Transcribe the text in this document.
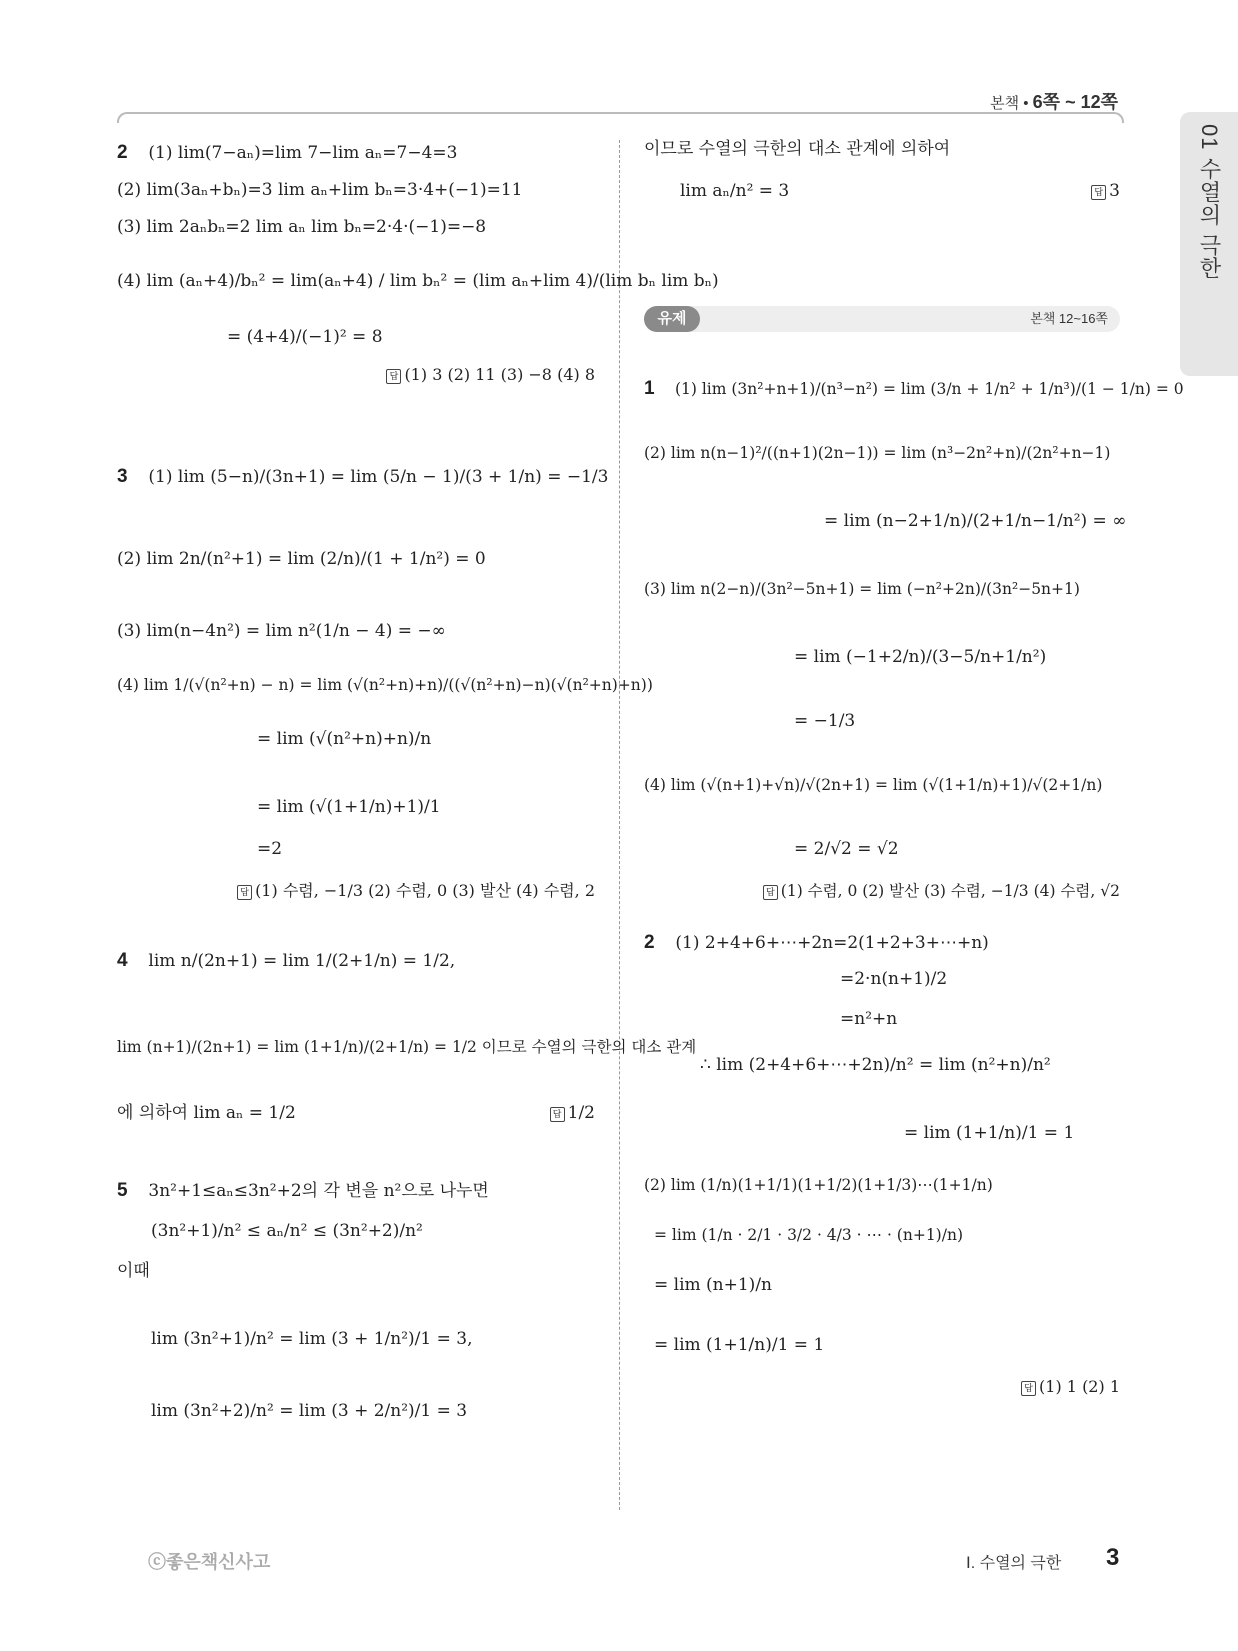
본책 • 6쪽 ~ 12쪽
01 수열의 극한
2 (1) lim(7−aₙ)=lim 7−lim aₙ=7−4=3
(2) lim(3aₙ+bₙ)=3 lim aₙ+lim bₙ=3·4+(−1)=11
(3) lim 2aₙbₙ=2 lim aₙ lim bₙ=2·4·(−1)=−8
(4) lim (aₙ+4)/bₙ² = lim(aₙ+4) / lim bₙ² = (lim aₙ+lim 4)/(lim bₙ lim bₙ)
= (4+4)/(−1)² = 8
답 (1) 3 (2) 11 (3) −8 (4) 8
3 (1) lim (5−n)/(3n+1) = lim (5/n − 1)/(3 + 1/n) = −1/3
(2) lim 2n/(n²+1) = lim (2/n)/(1 + 1/n²) = 0
(3) lim(n−4n²) = lim n²(1/n − 4) = −∞
(4) lim 1/(√(n²+n) − n) = lim (√(n²+n)+n)/((√(n²+n)−n)(√(n²+n)+n))
= lim (√(n²+n)+n)/n
= lim (√(1+1/n)+1)/1
=2
답 (1) 수렴, −1/3 (2) 수렴, 0 (3) 발산 (4) 수렴, 2
4 lim n/(2n+1) = lim 1/(2+1/n) = 1/2,
lim (n+1)/(2n+1) = lim (1+1/n)/(2+1/n) = 1/2 이므로 수열의 극한의 대소 관계
에 의하여 lim aₙ = 1/2	답 1/2
5 3n²+1≤aₙ≤3n²+2의 각 변을 n²으로 나누면
(3n²+1)/n² ≤ aₙ/n² ≤ (3n²+2)/n²
이때
lim (3n²+1)/n² = lim (3 + 1/n²)/1 = 3,
lim (3n²+2)/n² = lim (3 + 2/n²)/1 = 3
이므로 수열의 극한의 대소 관계에 의하여
lim aₙ/n² = 3	답 3
유제	본책 12~16쪽
1 (1) lim (3n²+n+1)/(n³−n²) = lim (3/n + 1/n² + 1/n³)/(1 − 1/n) = 0
(2) lim n(n−1)²/((n+1)(2n−1)) = lim (n³−2n²+n)/(2n²+n−1)
= lim (n−2+1/n)/(2+1/n−1/n²) = ∞
(3) lim n(2−n)/(3n²−5n+1) = lim (−n²+2n)/(3n²−5n+1)
= lim (−1+2/n)/(3−5/n+1/n²)
= −1/3
(4) lim (√(n+1)+√n)/√(2n+1) = lim (√(1+1/n)+1)/√(2+1/n)
= 2/√2 = √2
답 (1) 수렴, 0 (2) 발산 (3) 수렴, −1/3 (4) 수렴, √2
2 (1) 2+4+6+⋯+2n=2(1+2+3+⋯+n)
=2·n(n+1)/2
=n²+n
∴ lim (2+4+6+⋯+2n)/n² = lim (n²+n)/n²
= lim (1+1/n)/1 = 1
(2) lim (1/n)(1+1/1)(1+1/2)(1+1/3)⋯(1+1/n)
= lim (1/n · 2/1 · 3/2 · 4/3 · ⋯ · (n+1)/n)
= lim (n+1)/n
= lim (1+1/n)/1 = 1
답 (1) 1 (2) 1
ⓒ좋은책신사고	Ⅰ. 수열의 극한 3
